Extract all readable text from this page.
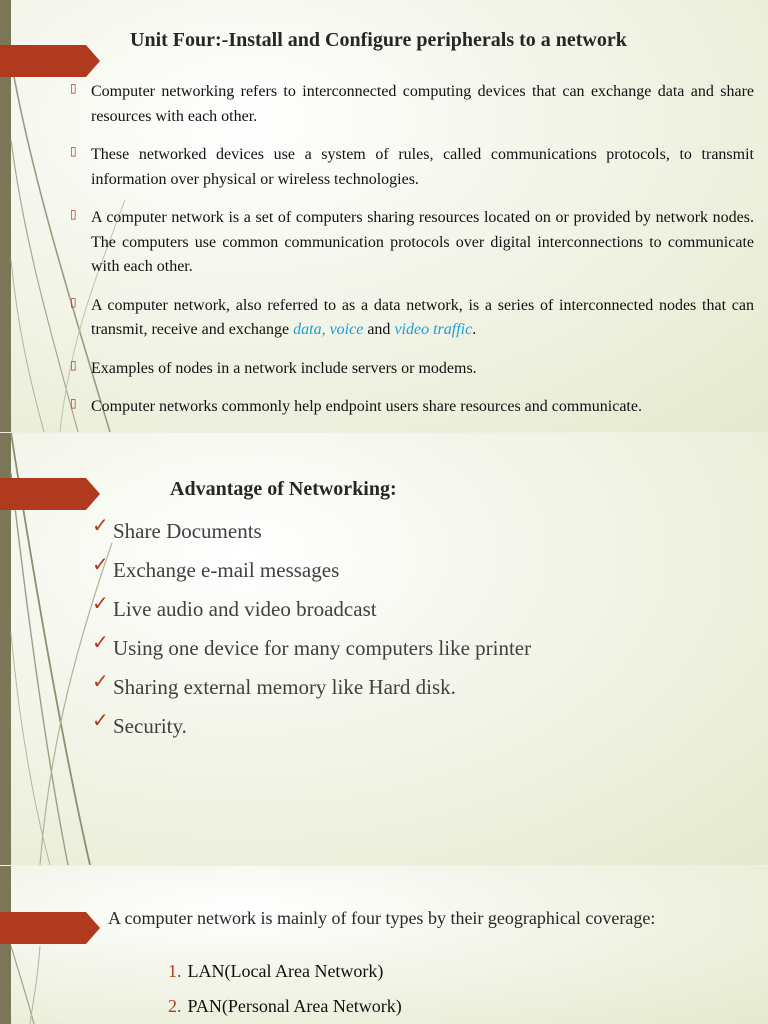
Unit Four:-Install and Configure peripherals to a network
▯ Computer networking refers to interconnected computing devices that can exchange data and share resources with each other.
▯ These networked devices use a system of rules, called communications protocols, to transmit information over physical or wireless technologies.
▯ A computer network is a set of computers sharing resources located on or provided by network nodes. The computers use common communication protocols over digital interconnections to communicate with each other.
▯ A computer network, also referred to as a data network, is a series of interconnected nodes that can transmit, receive and exchange data, voice and video traffic.
▯ Examples of nodes in a network include servers or modems.
▯ Computer networks commonly help endpoint users share resources and communicate.
Advantage of Networking:
✓ Share Documents
✓ Exchange e-mail messages
✓ Live audio and video broadcast
✓ Using one device for many computers like printer
✓ Sharing external memory like Hard disk.
✓ Security.

A computer network is mainly of four types by their geographical coverage:

1. LAN(Local Area Network)
2. PAN(Personal Area Network)
